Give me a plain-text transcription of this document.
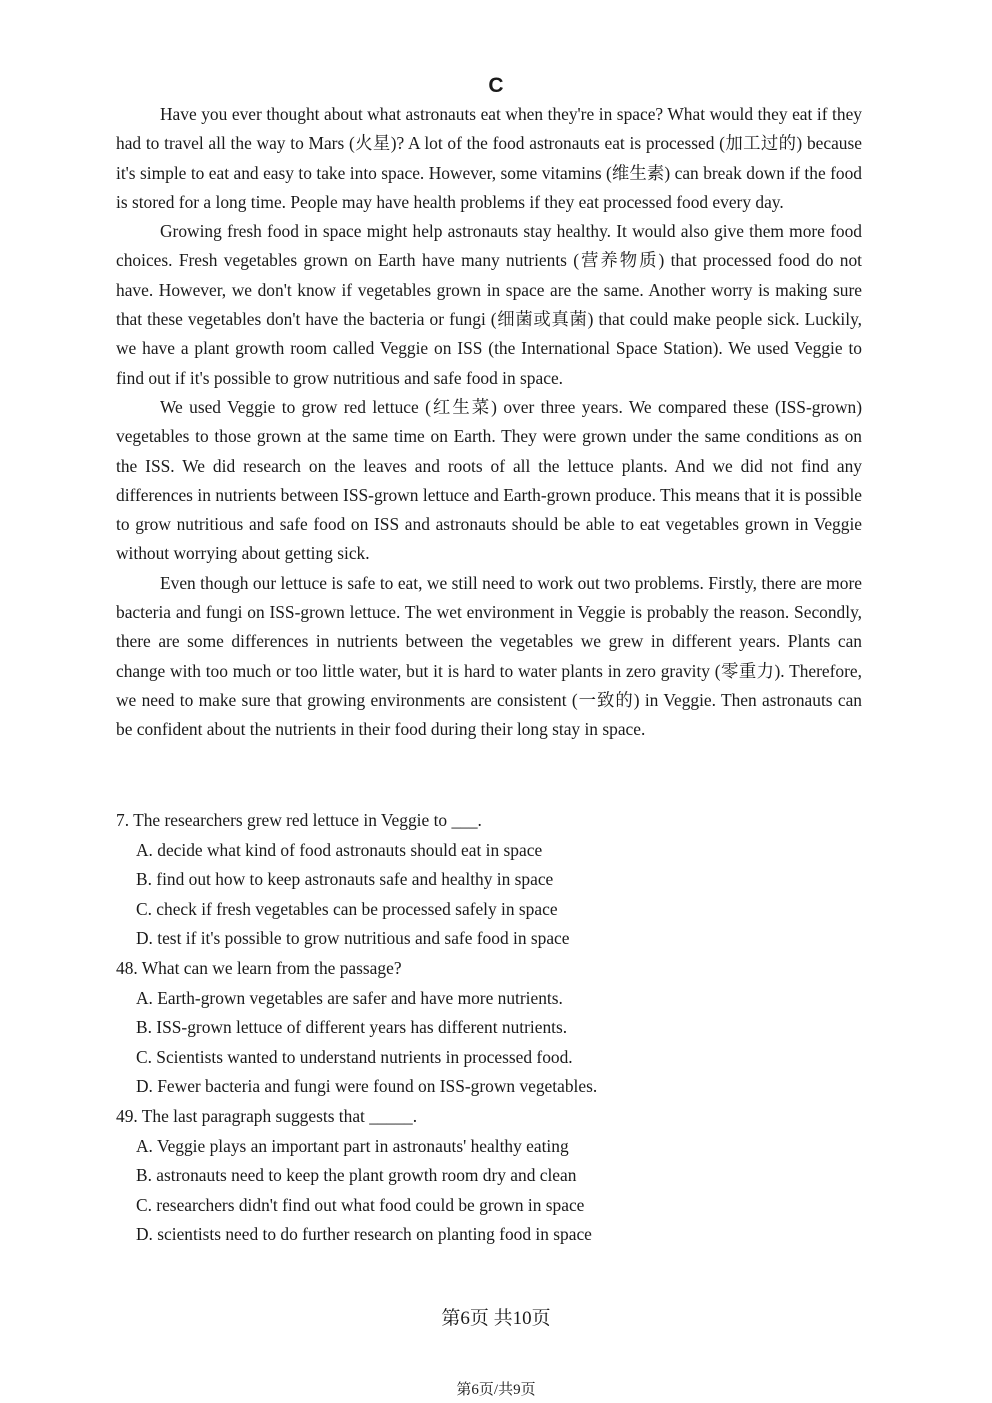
C

Have you ever thought about what astronauts eat when they're in space? What would they eat if they had to travel all the way to Mars (火星)? A lot of the food astronauts eat is processed (加工过的) because it's simple to eat and easy to take into space. However, some vitamins (维生素) can break down if the food is stored for a long time. People may have health problems if they eat processed food every day.

Growing fresh food in space might help astronauts stay healthy. It would also give them more food choices. Fresh vegetables grown on Earth have many nutrients (营养物质) that processed food do not have. However, we don't know if vegetables grown in space are the same. Another worry is making sure that these vegetables don't have the bacteria or fungi (细菌或真菌) that could make people sick. Luckily, we have a plant growth room called Veggie on ISS (the International Space Station). We used Veggie to find out if it's possible to grow nutritious and safe food in space.

We used Veggie to grow red lettuce (红生菜) over three years. We compared these (ISS-grown) vegetables to those grown at the same time on Earth. They were grown under the same conditions as on the ISS. We did research on the leaves and roots of all the lettuce plants. And we did not find any differences in nutrients between ISS-grown lettuce and Earth-grown produce. This means that it is possible to grow nutritious and safe food on ISS and astronauts should be able to eat vegetables grown in Veggie without worrying about getting sick.

Even though our lettuce is safe to eat, we still need to work out two problems. Firstly, there are more bacteria and fungi on ISS-grown lettuce. The wet environment in Veggie is probably the reason. Secondly, there are some differences in nutrients between the vegetables we grew in different years. Plants can change with too much or too little water, but it is hard to water plants in zero gravity (零重力). Therefore, we need to make sure that growing environments are consistent (一致的) in Veggie. Then astronauts can be confident about the nutrients in their food during their long stay in space.

7. The researchers grew red lettuce in Veggie to ___.
A. decide what kind of food astronauts should eat in space
B. find out how to keep astronauts safe and healthy in space
C. check if fresh vegetables can be processed safely in space
D. test if it's possible to grow nutritious and safe food in space
48. What can we learn from the passage?
A. Earth-grown vegetables are safer and have more nutrients.
B. ISS-grown lettuce of different years has different nutrients.
C. Scientists wanted to understand nutrients in processed food.
D. Fewer bacteria and fungi were found on ISS-grown vegetables.
49. The last paragraph suggests that _____.
A. Veggie plays an important part in astronauts' healthy eating
B. astronauts need to keep the plant growth room dry and clean
C. researchers didn't find out what food could be grown in space
D. scientists need to do further research on planting food in space
第6页 共10页
第6页/共9页
